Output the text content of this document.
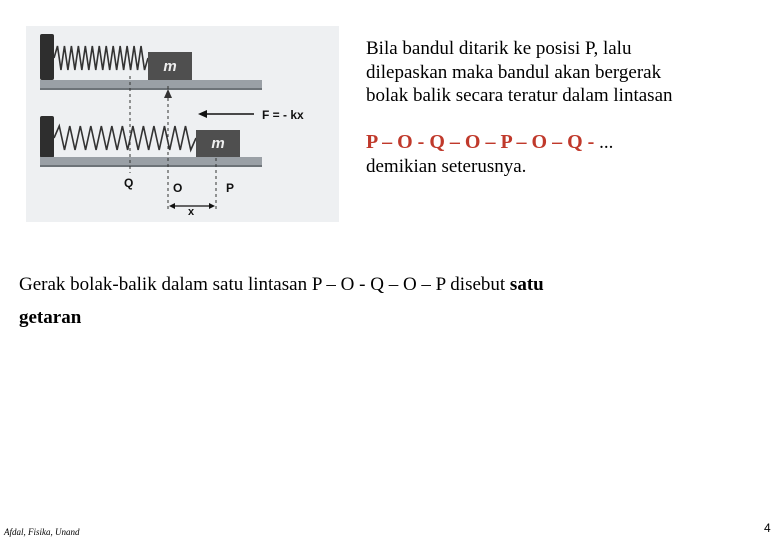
m
m
F = - kx
Q	O	P
x

Bila bandul ditarik ke posisi P, lalu
dilepaskan maka bandul akan bergerak
bolak balik secara teratur dalam lintasan

P – O - Q – O – P – O – Q - ...
demikian seterusnya.

Gerak bolak-balik dalam satu lintasan P – O - Q – O – P disebut satu
getaran

Afdal, Fisika, Unand	4
